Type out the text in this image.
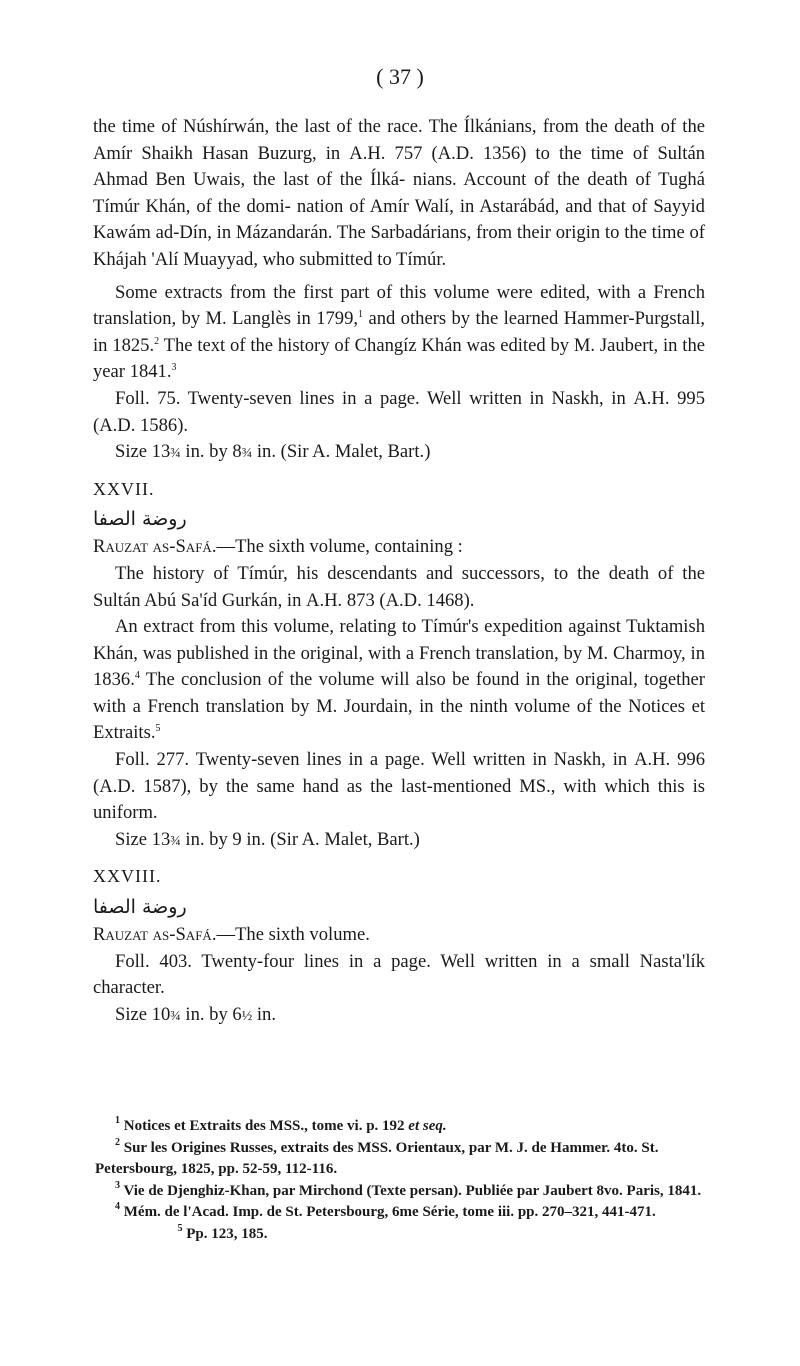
( 37 )

the time of Núshírwán, the last of the race. The Ílkánians, from the death of the Amír Shaikh Hasan Buzurg, in A.H. 757 (A.D. 1356) to the time of Sultán Ahmad Ben Uwais, the last of the Ílká- nians. Account of the death of Tughá Tímúr Khán, of the domi- nation of Amír Walí, in Astarábád, and that of Sayyid Kawám ad-Dín, in Mázandarán. The Sarbadárians, from their origin to the time of Khájah 'Alí Muayyad, who submitted to Tímúr.

Some extracts from the first part of this volume were edited, with a French translation, by M. Langlès in 1799,$^1$ and others by the learned Hammer-Purgstall, in 1825.$^2$ The text of the history of Changíz Khán was edited by M. Jaubert, in the year 1841.$^3$

Foll. 75. Twenty-seven lines in a page. Well written in Naskh, in A.H. 995 (A.D. 1586).

Size 13¾ in. by 8¾ in. (Sir A. Malet, Bart.)

XXVII.

روضة الصفا

Rauzat as-Safá.—The sixth volume, containing :

The history of Tímúr, his descendants and successors, to the death of the Sultán Abú Sa'íd Gurkán, in A.H. 873 (A.D. 1468).

An extract from this volume, relating to Tímúr's expedition against Tuktamish Khán, was published in the original, with a French translation, by M. Charmoy, in 1836.$^4$ The conclusion of the volume will also be found in the original, together with a French translation by M. Jourdain, in the ninth volume of the Notices et Extraits.$^5$

Foll. 277. Twenty-seven lines in a page. Well written in Naskh, in A.H. 996 (A.D. 1587), by the same hand as the last-mentioned MS., with which this is uniform.

Size 13¾ in. by 9 in. (Sir A. Malet, Bart.)

XXVIII.

روضة الصفا

Rauzat as-Safá.—The sixth volume.

Foll. 403. Twenty-four lines in a page. Well written in a small Nasta'lík character.

Size 10¾ in. by 6½ in.

$^1$ Notices et Extraits des MSS., tome vi. p. 192 et seq.

$^2$ Sur les Origines Russes, extraits des MSS. Orientaux, par M. J. de Hammer. 4to. St. Petersbourg, 1825, pp. 52-59, 112-116.

$^3$ Vie de Djenghiz-Khan, par Mirchond (Texte persan). Publiée par Jaubert 8vo. Paris, 1841.

$^4$ Mém. de l'Acad. Imp. de St. Petersbourg, 6me Série, tome iii. pp. 270–321, 441-471.                       $^5$ Pp. 123, 185.
